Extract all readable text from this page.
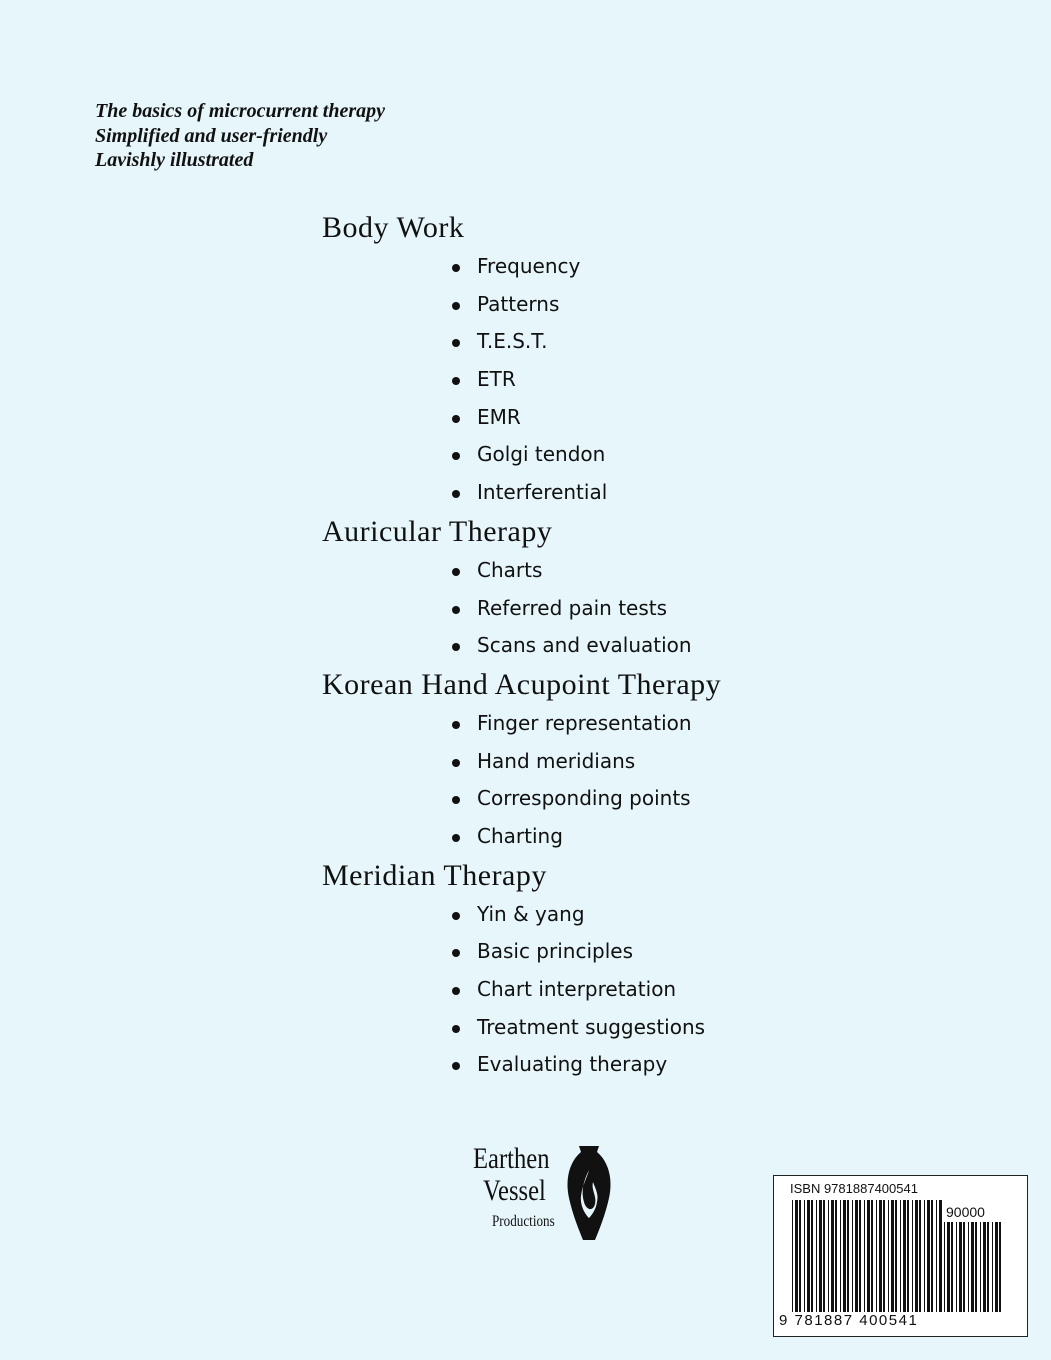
The basics of microcurrent therapy
Simplified and user-friendly
Lavishly illustrated
Body Work
Frequency
Patterns
T.E.S.T.
ETR
EMR
Golgi tendon
Interferential
Auricular Therapy
Charts
Referred pain tests
Scans and evaluation
Korean Hand Acupoint Therapy
Finger representation
Hand meridians
Corresponding points
Charting
Meridian Therapy
Yin & yang
Basic principles
Chart interpretation
Treatment suggestions
Evaluating therapy
Earthen
Vessel
Productions
ISBN 9781887400541
90000
9 781887 400541
